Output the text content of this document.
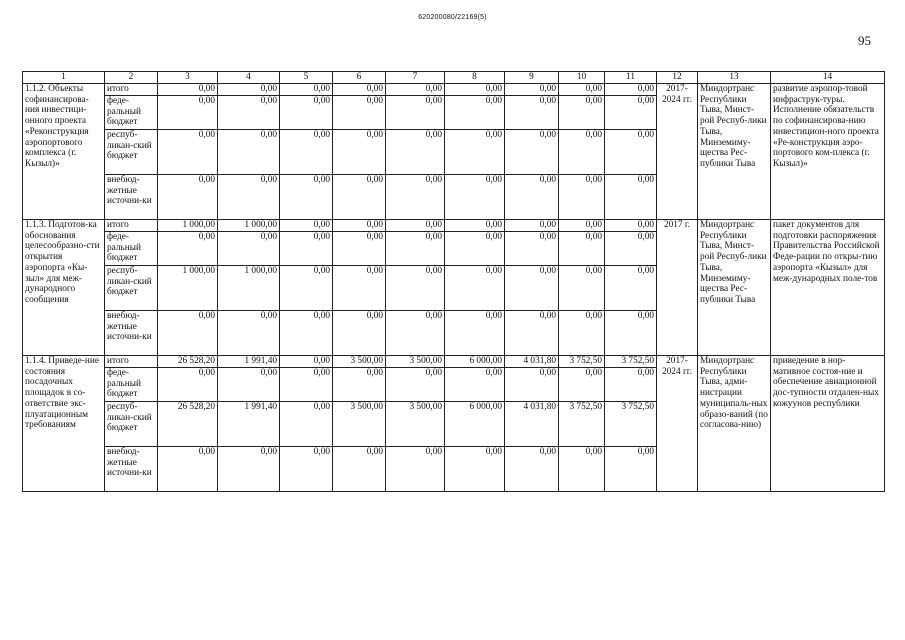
620200080/22169(5)
95
1	2	3	4	5	6	7	8	9	10	11	12	13	14
1.1.2. Объекты софинансирова-ния инвестици-онного проекта «Реконструкция аэропортового комплекса (г. Кызыл)»	итого	0,00	0,00	0,00	0,00	0,00	0,00	0,00	0,00	0,00	2017-2024 гг.	Миндортранс Республики Тыва, Минст-рой Респуб-лики Тыва, Минземиму-щества Рес-публики Тыва	развитие аэропор-товой инфраструк-туры. Исполнение обязательств по софинансирова-нию инвестицион-ного проекта «Ре-конструкция аэро-портового ком-плекса (г. Кызыл)»
	феде-ральный бюджет	0,00	0,00	0,00	0,00	0,00	0,00	0,00	0,00	0,00			
	респуб-ликан-ский бюджет	0,00	0,00	0,00	0,00	0,00	0,00	0,00	0,00	0,00			
	внебюд-жетные источни-ки	0,00	0,00	0,00	0,00	0,00	0,00	0,00	0,00	0,00			
1.1.3. Подготов-ка обоснования целесообразно-сти открытия аэропорта «Кы-зыл» для меж-дународного сообщения	итого	1 000,00	1 000,00	0,00	0,00	0,00	0,00	0,00	0,00	0,00	2017 г.	Миндортранс Республики Тыва, Минст-рой Респуб-лики Тыва, Минземиму-щества Рес-публики Тыва	пакет документов для подготовки распоряжения Правительства Российской Феде-рации по откры-тию аэропорта «Кызыл» для меж-дународных поле-тов
	феде-ральный бюджет	0,00	0,00	0,00	0,00	0,00	0,00	0,00	0,00	0,00			
	респуб-ликан-ский бюджет	1 000,00	1 000,00	0,00	0,00	0,00	0,00	0,00	0,00	0,00			
	внебюд-жетные источни-ки	0,00	0,00	0,00	0,00	0,00	0,00	0,00	0,00	0,00			
1.1.4. Приведе-ние состояния посадочных площадок в со-ответствие экс-плуатационным требованиям	итого	26 528,20	1 991,40	0,00	3 500,00	3 500,00	6 000,00	4 031,80	3 752,50	3 752,50	2017-2024 гг.	Миндортранс Республики Тыва, адми-нистрации муниципаль-ных образо-ваний (по согласова-нию)	приведение в нор-мативное состоя-ние и обеспечение авиационной дос-тупности отдален-ных кожуунов республики
	феде-ральный бюджет	0,00	0,00	0,00	0,00	0,00	0,00	0,00	0,00	0,00			
	респуб-ликан-ский бюджет	26 528,20	1 991,40	0,00	3 500,00	3 500,00	6 000,00	4 031,80	3 752,50	3 752,50			
	внебюд-жетные источни-ки	0,00	0,00	0,00	0,00	0,00	0,00	0,00	0,00	0,00			
